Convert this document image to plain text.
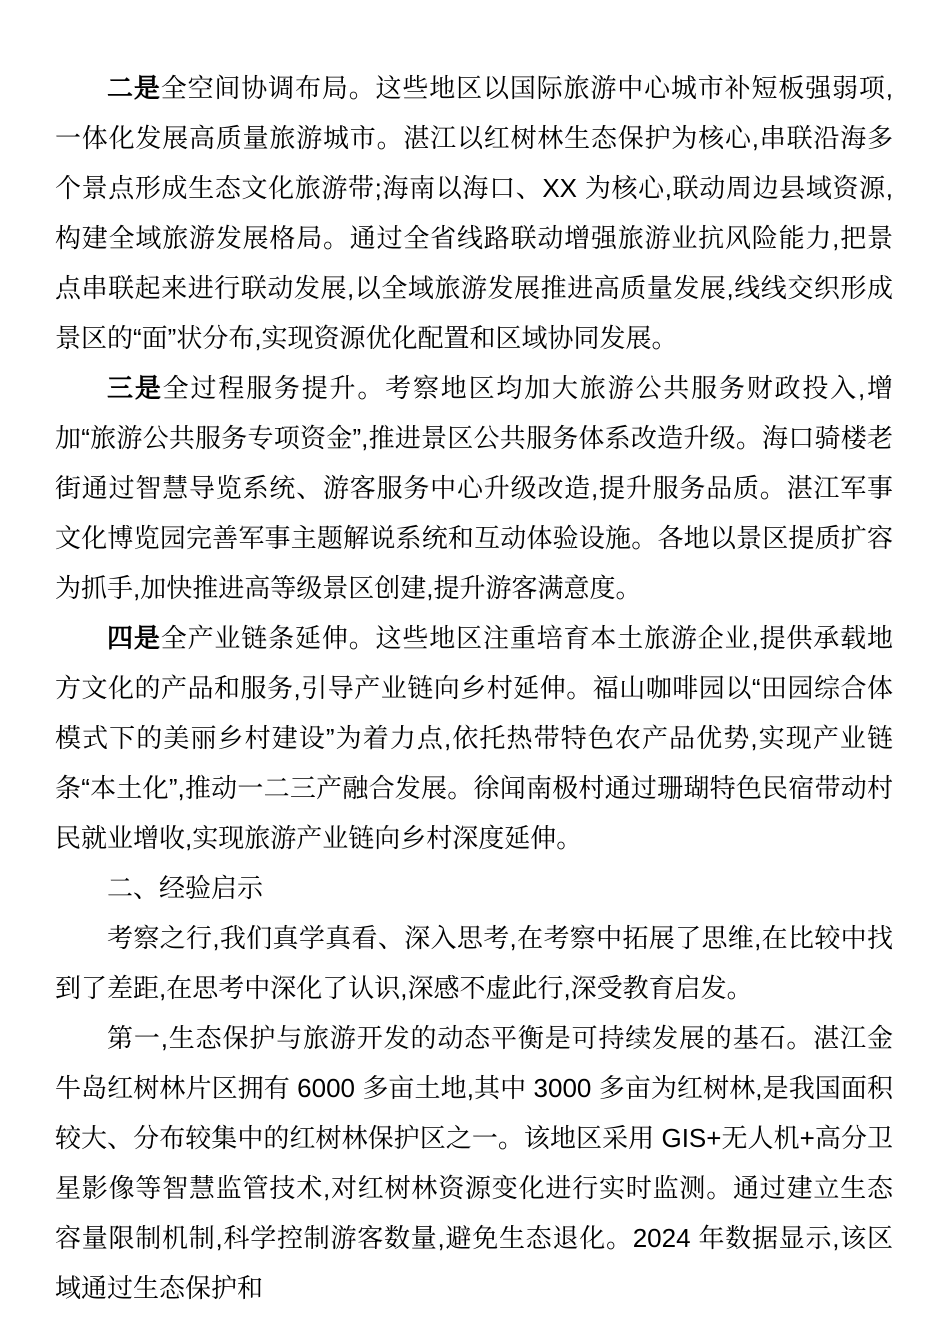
二是全空间协调布局。这些地区以国际旅游中心城市补短板强弱项,一体化发展高质量旅游城市。湛江以红树林生态保护为核心,串联沿海多个景点形成生态文化旅游带;海南以海口、XX 为核心,联动周边县域资源,构建全域旅游发展格局。通过全省线路联动增强旅游业抗风险能力,把景点串联起来进行联动发展,以全域旅游发展推进高质量发展,线线交织形成景区的“面”状分布,实现资源优化配置和区域协同发展。

三是全过程服务提升。考察地区均加大旅游公共服务财政投入,增加“旅游公共服务专项资金”,推进景区公共服务体系改造升级。海口骑楼老街通过智慧导览系统、游客服务中心升级改造,提升服务品质。湛江军事文化博览园完善军事主题解说系统和互动体验设施。各地以景区提质扩容为抓手,加快推进高等级景区创建,提升游客满意度。

四是全产业链条延伸。这些地区注重培育本土旅游企业,提供承载地方文化的产品和服务,引导产业链向乡村延伸。福山咖啡园以“田园综合体模式下的美丽乡村建设”为着力点,依托热带特色农产品优势,实现产业链条“本土化”,推动一二三产融合发展。徐闻南极村通过珊瑚特色民宿带动村民就业增收,实现旅游产业链向乡村深度延伸。

二、经验启示

考察之行,我们真学真看、深入思考,在考察中拓展了思维,在比较中找到了差距,在思考中深化了认识,深感不虚此行,深受教育启发。

第一,生态保护与旅游开发的动态平衡是可持续发展的基石。湛江金牛岛红树林片区拥有 6000 多亩土地,其中 3000 多亩为红树林,是我国面积较大、分布较集中的红树林保护区之一。该地区采用 GIS+无人机+高分卫星影像等智慧监管技术,对红树林资源变化进行实时监测。通过建立生态容量限制机制,科学控制游客数量,避免生态退化。2024 年数据显示,该区域通过生态保护和
